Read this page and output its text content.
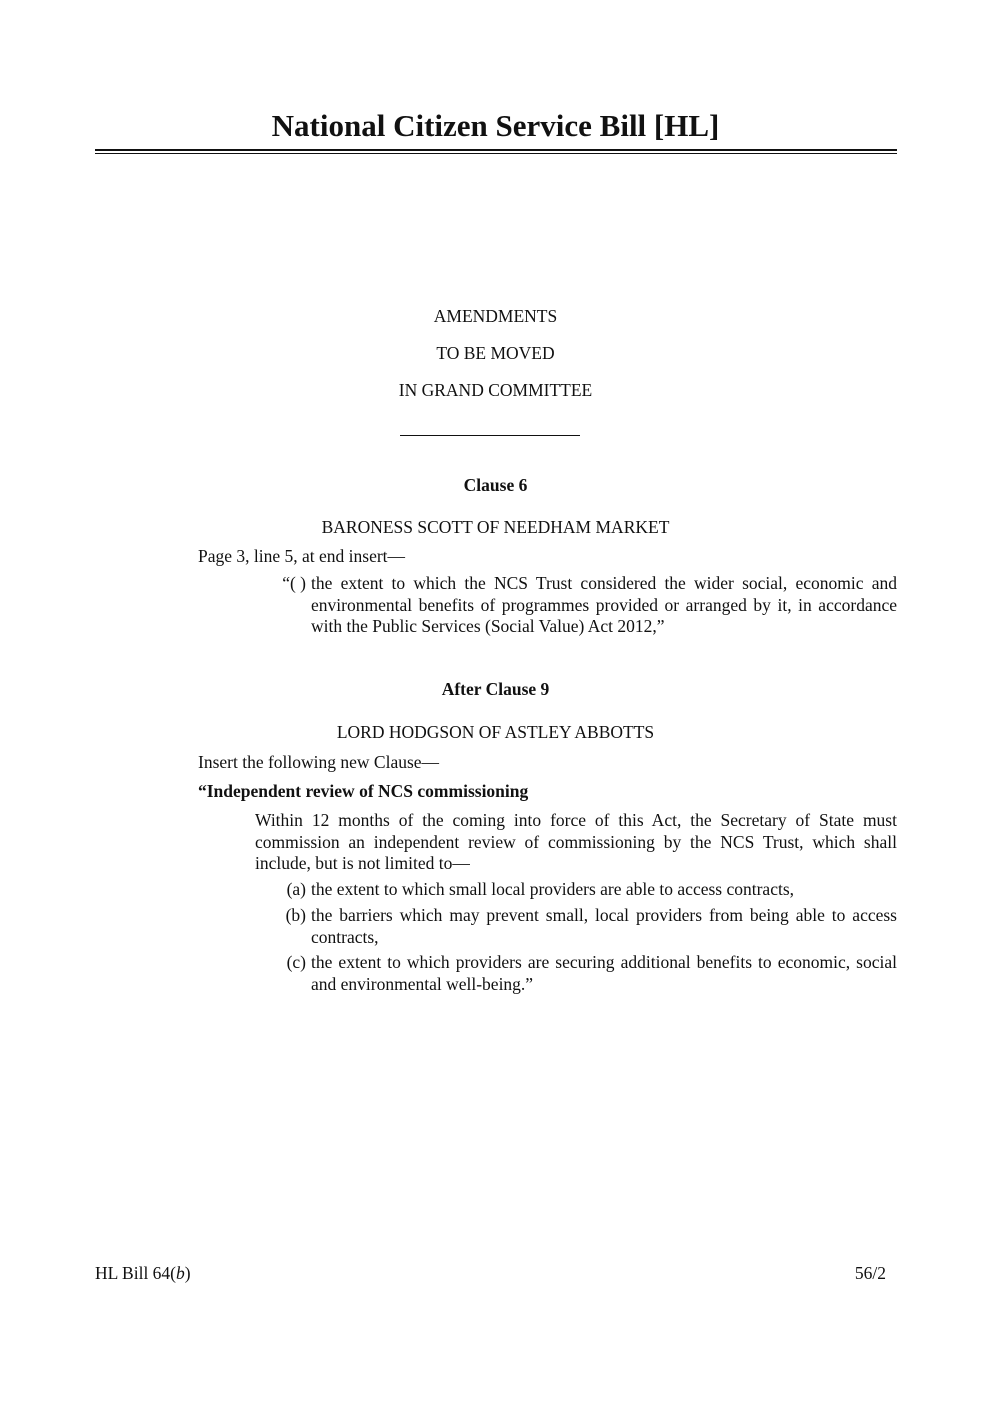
National Citizen Service Bill [HL]
AMENDMENTS
TO BE MOVED
IN GRAND COMMITTEE
Clause 6
BARONESS SCOTT OF NEEDHAM MARKET
Page 3, line 5, at end insert—
“( ) the extent to which the NCS Trust considered the wider social, economic and environmental benefits of programmes provided or arranged by it, in accordance with the Public Services (Social Value) Act 2012,”
After Clause 9
LORD HODGSON OF ASTLEY ABBOTTS
Insert the following new Clause—
“Independent review of NCS commissioning
Within 12 months of the coming into force of this Act, the Secretary of State must commission an independent review of commissioning by the NCS Trust, which shall include, but is not limited to—
(a) the extent to which small local providers are able to access contracts,
(b) the barriers which may prevent small, local providers from being able to access contracts,
(c) the extent to which providers are securing additional benefits to economic, social and environmental well-being.”
HL Bill 64(b)	56/2
